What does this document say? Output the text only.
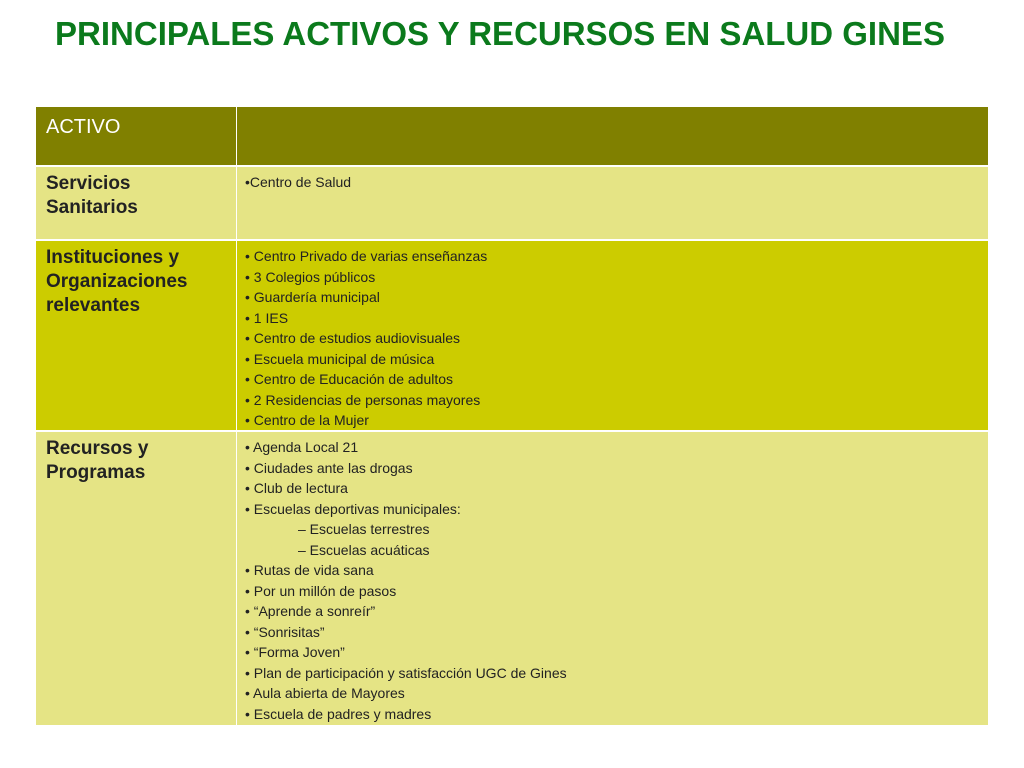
PRINCIPALES ACTIVOS Y RECURSOS EN SALUD GINES
ACTIVO
Servicios Sanitarios
•Centro de Salud
Instituciones y Organizaciones relevantes
• Centro Privado de varias enseñanzas
• 3 Colegios públicos
• Guardería municipal
• 1 IES
• Centro de estudios audiovisuales
• Escuela municipal de música
• Centro de Educación de adultos
• 2 Residencias de personas mayores
• Centro de la Mujer
Recursos y Programas
• Agenda Local 21
• Ciudades ante las drogas
• Club de lectura
• Escuelas deportivas municipales:
– Escuelas terrestres
– Escuelas acuáticas
• Rutas de vida sana
• Por un millón de pasos
• “Aprende a sonreír”
• “Sonrisitas”
• “Forma Joven”
• Plan de participación y satisfacción UGC de Gines
• Aula abierta de Mayores
• Escuela de padres y madres
